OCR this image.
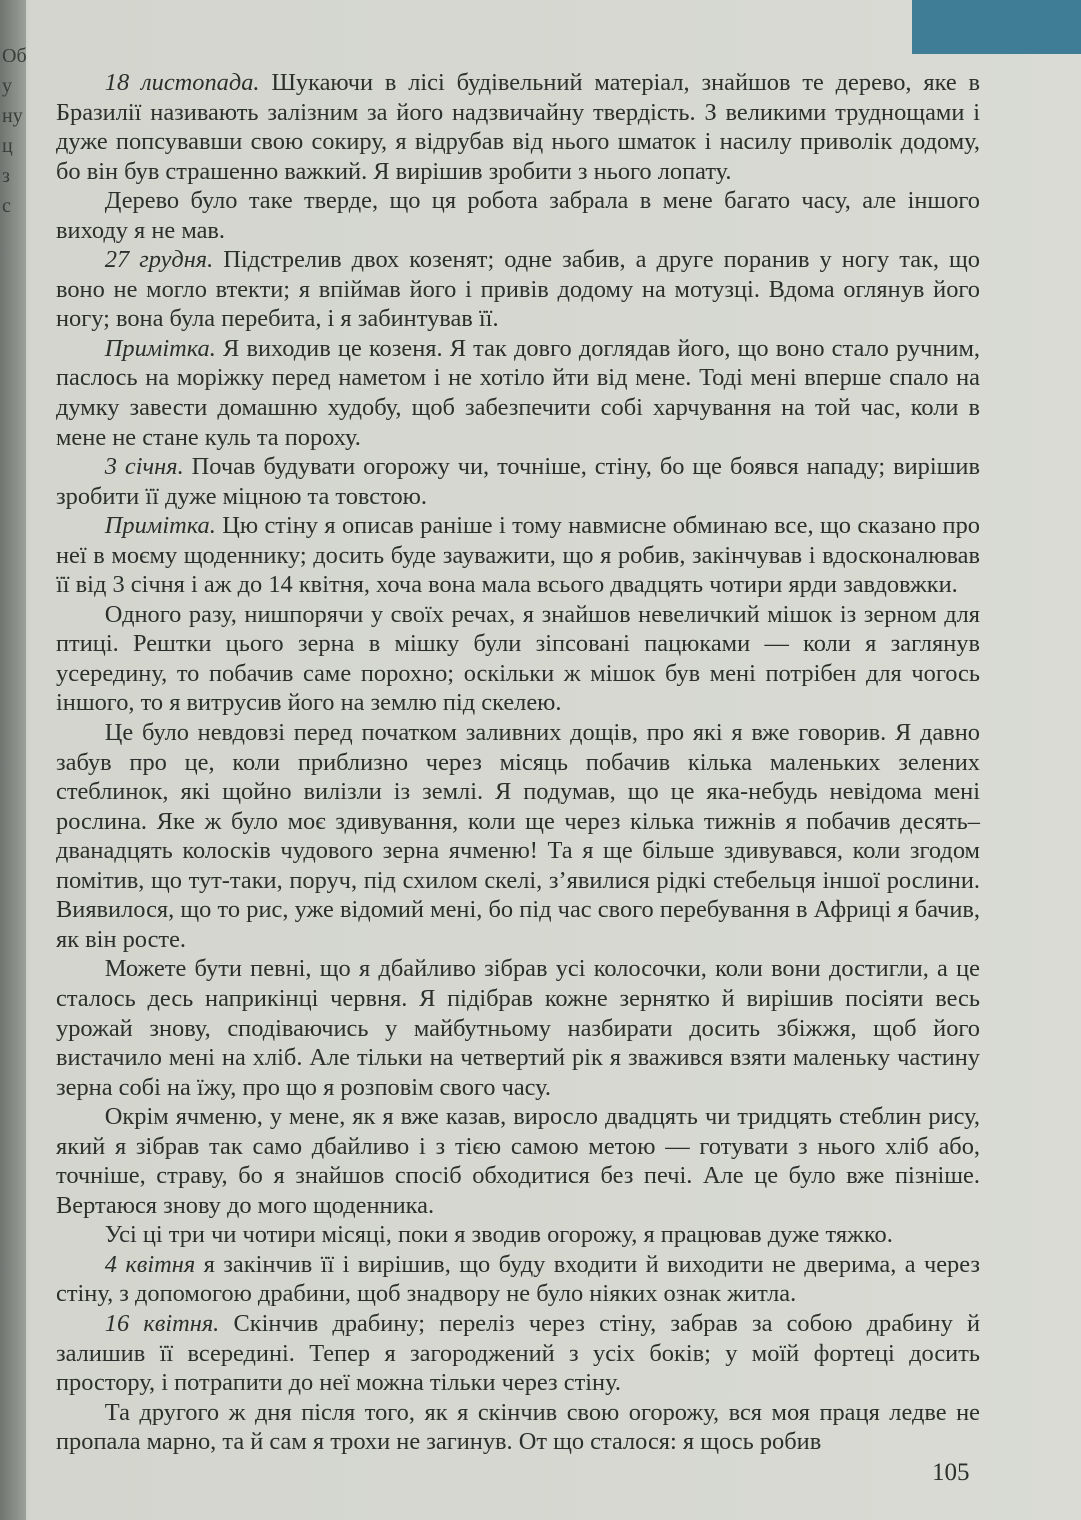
Об
у
ну
ц
з
с

18 листопада. Шукаючи в лісі будівельний матеріал, знайшов те дерево, яке в Бразилії називають залізним за його надзвичайну твердість. З великими труднощами і дуже попсувавши свою сокиру, я відрубав від нього шматок і насилу приволік додому, бо він був страшенно важкий. Я вирішив зробити з нього лопату.

Дерево було таке тверде, що ця робота забрала в мене багато часу, але іншого виходу я не мав.

27 грудня. Підстрелив двох козенят; одне забив, а друге поранив у ногу так, що воно не могло втекти; я впіймав його і привів додому на мотузці. Вдома оглянув його ногу; вона була перебита, і я забинтував її.

Примітка. Я виходив це козеня. Я так довго доглядав його, що воно стало ручним, паслось на моріжку перед наметом і не хотіло йти від мене. Тоді мені вперше спало на думку завести домашню худобу, щоб забезпечити собі харчування на той час, коли в мене не стане куль та пороху.

3 січня. Почав будувати огорожу чи, точніше, стіну, бо ще боявся нападу; вирішив зробити її дуже міцною та товстою.

Примітка. Цю стіну я описав раніше і тому навмисне обминаю все, що сказано про неї в моєму щоденнику; досить буде зауважити, що я робив, закінчував і вдосконалював її від 3 січня і аж до 14 квітня, хоча вона мала всього двадцять чотири ярди завдовжки.

Одного разу, нишпорячи у своїх речах, я знайшов невеличкий мішок із зерном для птиці. Рештки цього зерна в мішку були зіпсовані пацюками — коли я заглянув усередину, то побачив саме порохно; оскільки ж мішок був мені потрібен для чогось іншого, то я витрусив його на землю під скелею.

Це було невдовзі перед початком заливних дощів, про які я вже говорив. Я давно забув про це, коли приблизно через місяць побачив кілька маленьких зелених стеблинок, які щойно вилізли із землі. Я подумав, що це яка-небудь невідома мені рослина. Яке ж було моє здивування, коли ще через кілька тижнів я побачив десять–дванадцять колосків чудового зерна ячменю! Та я ще більше здивувався, коли згодом помітив, що тут-таки, поруч, під схилом скелі, з’явилися рідкі стебельця іншої рослини. Виявилося, що то рис, уже відомий мені, бо під час свого перебування в Африці я бачив, як він росте.

Можете бути певні, що я дбайливо зібрав усі колосочки, коли вони достигли, а це сталось десь наприкінці червня. Я підібрав кожне зернятко й вирішив посіяти весь урожай знову, сподіваючись у майбутньому назбирати досить збіжжя, щоб його вистачило мені на хліб. Але тільки на четвертий рік я зважився взяти маленьку частину зерна собі на їжу, про що я розповім свого часу.

Окрім ячменю, у мене, як я вже казав, виросло двадцять чи тридцять стеблин рису, який я зібрав так само дбайливо і з тією самою метою — готувати з нього хліб або, точніше, страву, бо я знайшов спосіб обходитися без печі. Але це було вже пізніше. Вертаюся знову до мого щоденника.

Усі ці три чи чотири місяці, поки я зводив огорожу, я працював дуже тяжко.

4 квітня я закінчив її і вирішив, що буду входити й виходити не дверима, а через стіну, з допомогою драбини, щоб знадвору не було ніяких ознак житла.

16 квітня. Скінчив драбину; переліз через стіну, забрав за собою драбину й залишив її всередині. Тепер я загороджений з усіх боків; у моїй фортеці досить простору, і потрапити до неї можна тільки через стіну.

Та другого ж дня після того, як я скінчив свою огорожу, вся моя праця ледве не пропала марно, та й сам я трохи не загинув. От що сталося: я щось робив

105
